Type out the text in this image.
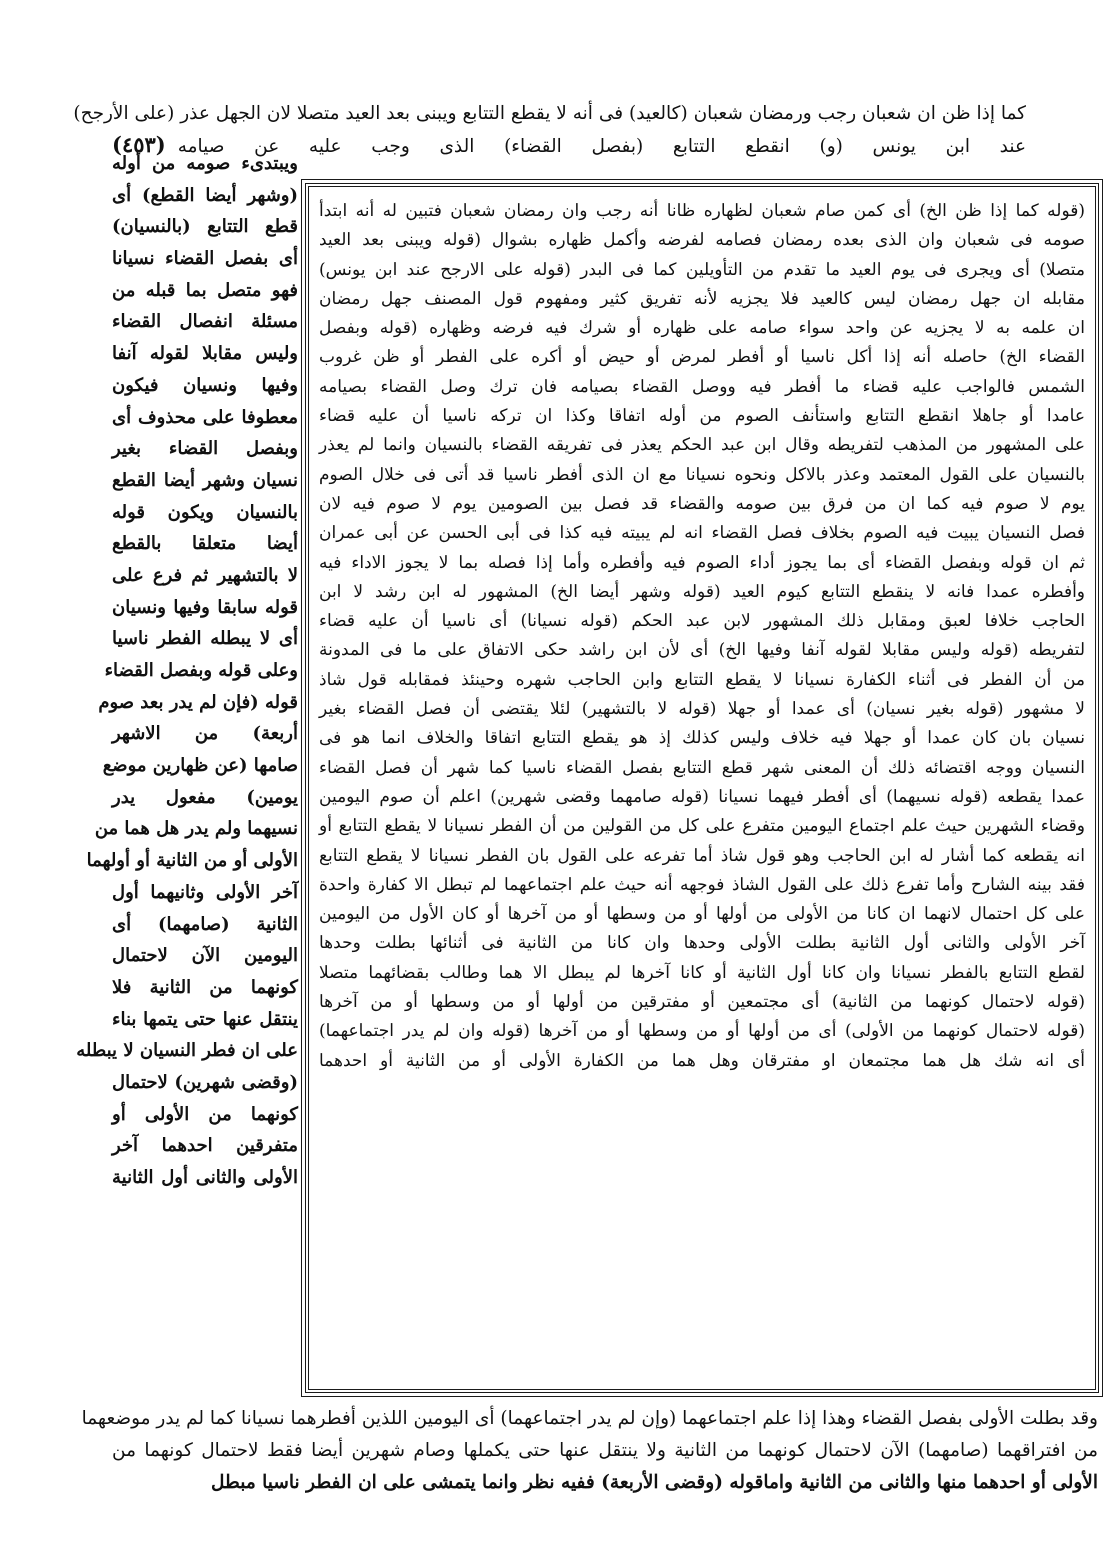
كما إذا ظن ان شعبان رجب ورمضان شعبان (كالعيد) فى أنه لا يقطع التتابع ويبنى بعد العيد متصلا لان الجهل عذر (على الأرجح)
عند ابن يونس (و) انقطع التتابع (بفصل القضاء) الذى وجب عليه عن صيامه(٤٥٣)
ويبتدىء صومه من أوله
(وشهر أيضا القطع) أى
قطع التتابع (بالنسيان)
أى بفصل القضاء نسيانا
فهو متصل بما قبله من
مسئلة انفصال القضاء
وليس مقابلا لقوله آنفا
وفيها ونسيان فيكون
معطوفا على محذوف أى
وبفصل القضاء بغير
نسيان وشهر أيضا القطع
بالنسيان ويكون قوله
أيضا متعلقا بالقطع
لا بالتشهير ثم فرع على
قوله سابقا وفيها ونسيان
أى لا يبطله الفطر ناسيا
وعلى قوله وبفصل القضاء
قوله (فإن لم يدر بعد صوم
أربعة) من الاشهر
صامها (عن ظهارين موضع
يومين) مفعول يدر
نسيهما ولم يدر هل هما من
الأولى أو من الثانية أو أولهما
آخر الأولى وثانيهما أول
الثانية (صامهما) أى
اليومين الآن لاحتمال
كونهما من الثانية فلا
ينتقل عنها حتى يتمها بناء
على ان فطر النسيان لا يبطله
(وقضى شهرين) لاحتمال
كونهما من الأولى أو
متفرقين احدهما آخر
الأولى والثانى أول الثانية
(قوله كما إذا ظن الخ) أى كمن صام شعبان لظهاره ظانا أنه رجب وان رمضان شعبان فتبين له أنه ابتدأ
صومه فى شعبان وان الذى بعده رمضان فصامه لفرضه وأكمل ظهاره بشوال (قوله ويبنى بعد العيد
متصلا) أى ويجرى فى يوم العيد ما تقدم من التأويلين كما فى البدر (قوله على الارجح عند ابن يونس)
مقابله ان جهل رمضان ليس كالعيد فلا يجزيه لأنه تفريق كثير ومفهوم قول المصنف جهل رمضان
ان علمه به لا يجزيه عن واحد سواء صامه على ظهاره أو شرك فيه فرضه وظهاره (قوله وبفصل
القضاء الخ) حاصله أنه إذا أكل ناسيا أو أفطر لمرض أو حيض أو أكره على الفطر أو ظن غروب
الشمس فالواجب عليه قضاء ما أفطر فيه ووصل القضاء بصيامه فان ترك وصل القضاء بصيامه
عامدا أو جاهلا انقطع التتابع واستأنف الصوم من أوله اتفاقا وكذا ان تركه ناسيا أن عليه قضاء
على المشهور من المذهب لتفريطه وقال ابن عبد الحكم يعذر فى تفريقه القضاء بالنسيان وانما لم يعذر
بالنسيان على القول المعتمد وعذر بالاكل ونحوه نسيانا مع ان الذى أفطر ناسيا قد أتى فى خلال الصوم
يوم لا صوم فيه كما ان من فرق بين صومه والقضاء قد فصل بين الصومين يوم لا صوم فيه لان
فصل النسيان يبيت فيه الصوم بخلاف فصل القضاء انه لم يبيته فيه كذا فى أبى الحسن عن أبى عمران
ثم ان قوله وبفصل القضاء أى بما يجوز أداء الصوم فيه وأفطره وأما إذا فصله بما لا يجوز الاداء فيه
وأفطره عمدا فانه لا ينقطع التتابع كيوم العيد (قوله وشهر أيضا الخ) المشهور له ابن رشد لا ابن
الحاجب خلافا لعبق ومقابل ذلك المشهور لابن عبد الحكم (قوله نسيانا) أى ناسيا أن عليه قضاء
لتفريطه (قوله وليس مقابلا لقوله آنفا وفيها الخ) أى لأن ابن راشد حكى الاتفاق على ما فى المدونة
من أن الفطر فى أثناء الكفارة نسيانا لا يقطع التتابع وابن الحاجب شهره وحينئذ فمقابله قول شاذ
لا مشهور (قوله بغير نسيان) أى عمدا أو جهلا (قوله لا بالتشهير) لئلا يقتضى أن فصل القضاء بغير
نسيان بان كان عمدا أو جهلا فيه خلاف وليس كذلك إذ هو يقطع التتابع اتفاقا والخلاف انما هو فى
النسيان ووجه اقتضائه ذلك أن المعنى شهر قطع التتابع بفصل القضاء ناسيا كما شهر أن فصل القضاء
عمدا يقطعه (قوله نسيهما) أى أفطر فيهما نسيانا (قوله صامهما وقضى شهرين) اعلم أن صوم اليومين
وقضاء الشهرين حيث علم اجتماع اليومين متفرع على كل من القولين من أن الفطر نسيانا لا يقطع التتابع أو
انه يقطعه كما أشار له ابن الحاجب وهو قول شاذ أما تفرعه على القول بان الفطر نسيانا لا يقطع التتابع
فقد بينه الشارح وأما تفرع ذلك على القول الشاذ فوجهه أنه حيث علم اجتماعهما لم تبطل الا كفارة واحدة
على كل احتمال لانهما ان كانا من الأولى من أولها أو من وسطها أو من آخرها أو كان الأول من اليومين
آخر الأولى والثانى أول الثانية بطلت الأولى وحدها وان كانا من الثانية فى أثنائها بطلت وحدها
لقطع التتابع بالفطر نسيانا وان كانا أول الثانية أو كانا آخرها لم يبطل الا هما وطالب بقضائهما متصلا
(قوله لاحتمال كونهما من الثانية) أى مجتمعين أو مفترقين من أولها أو من وسطها أو من آخرها
(قوله لاحتمال كونهما من الأولى) أى من أولها أو من وسطها أو من آخرها (قوله وان لم يدر اجتماعهما)
أى انه شك هل هما مجتمعان او مفترقان وهل هما من الكفارة الأولى أو من الثانية أو احدهما
وقد بطلت الأولى بفصل القضاء وهذا إذا علم اجتماعهما (وإن لم يدر اجتماعهما) أى اليومين اللذين أفطرهما نسيانا كما لم يدر موضعهما
من افتراقهما (صامهما) الآن لاحتمال كونهما من الثانية ولا ينتقل عنها حتى يكملها وصام شهرين أيضا فقط لاحتمال كونهما من
الأولى أو احدهما منها والثانى من الثانية واماقوله (وقضى الأربعة) ففيه نظر وانما يتمشى على ان الفطر ناسيا مبطل
